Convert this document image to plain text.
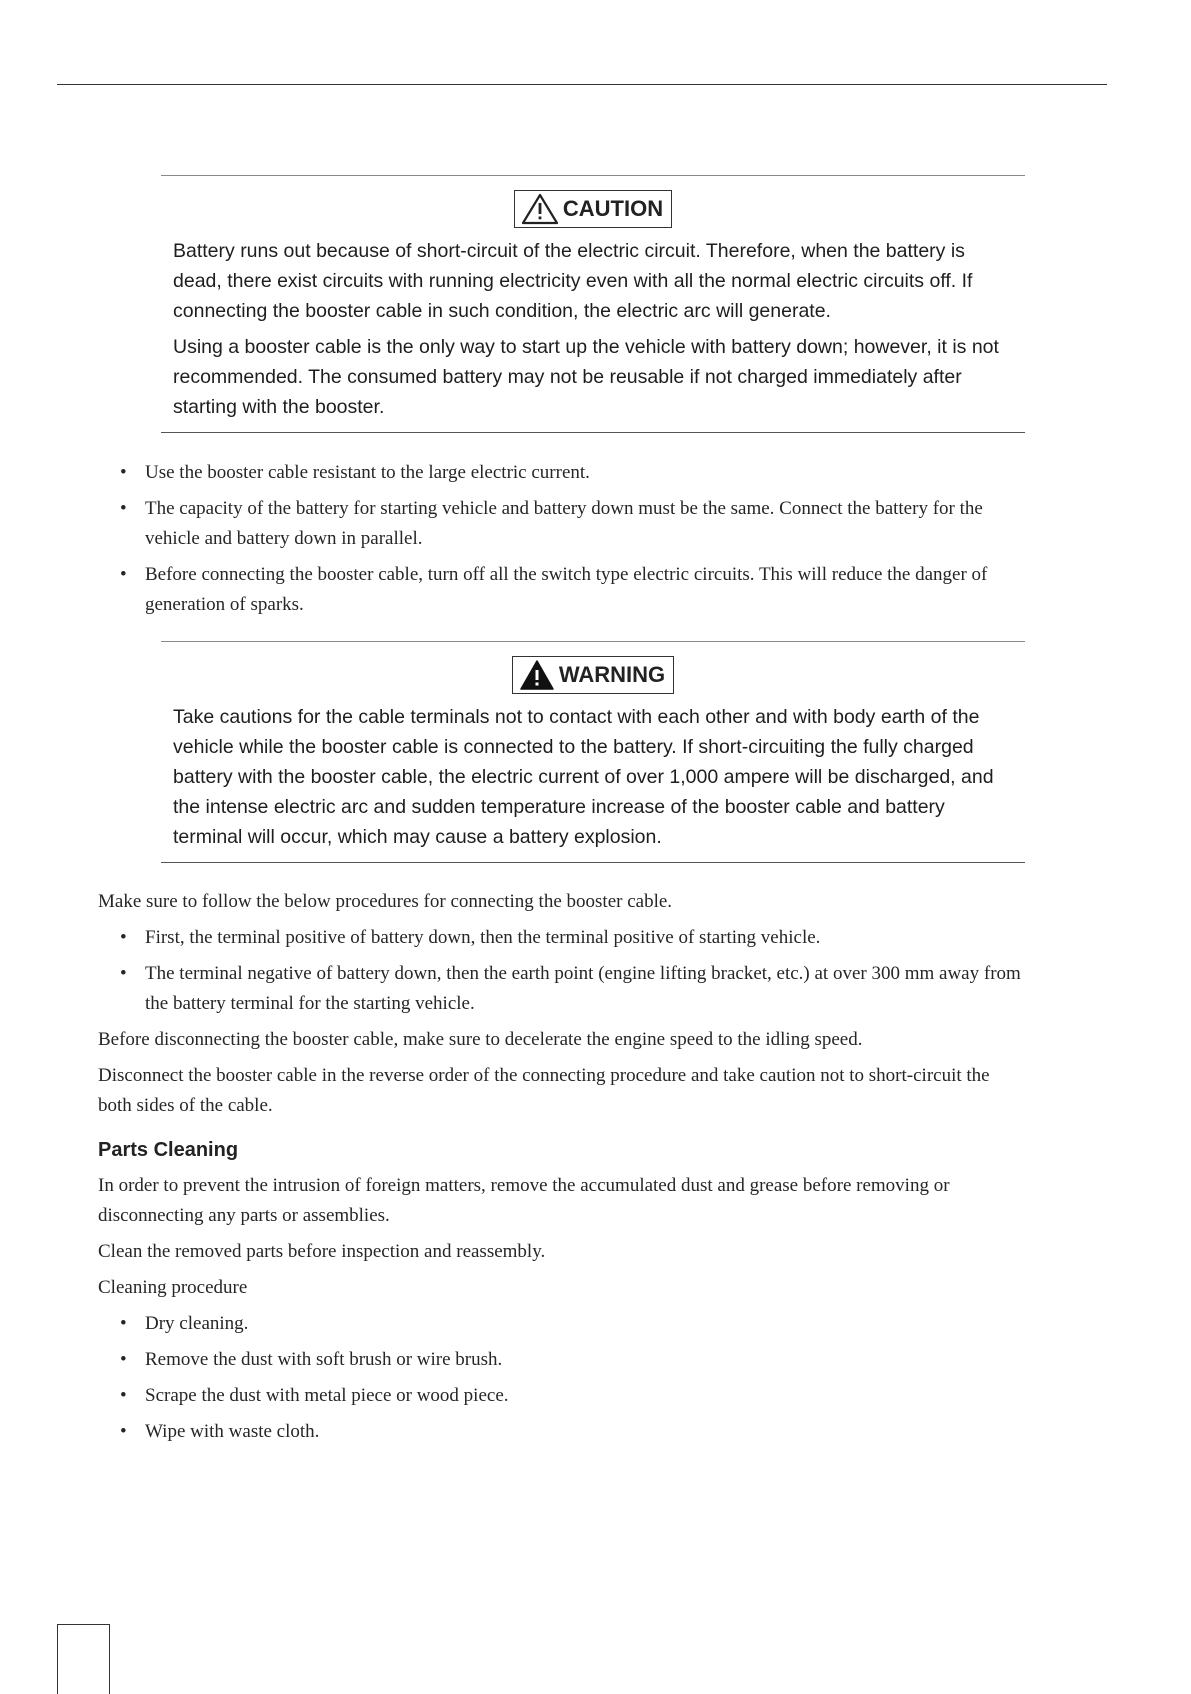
CAUTION

Battery runs out because of short-circuit of the electric circuit. Therefore, when the battery is dead, there exist circuits with running electricity even with all the normal electric circuits off. If connecting the booster cable in such condition, the electric arc will generate.

Using a booster cable is the only way to start up the vehicle with battery down; however, it is not recommended. The consumed battery may not be reusable if not charged immediately after starting with the booster.

• Use the booster cable resistant to the large electric current.
• The capacity of the battery for starting vehicle and battery down must be the same. Connect the battery for the vehicle and battery down in parallel.
• Before connecting the booster cable, turn off all the switch type electric circuits. This will reduce the danger of generation of sparks.
WARNING

Take cautions for the cable terminals not to contact with each other and with body earth of the vehicle while the booster cable is connected to the battery. If short-circuiting the fully charged battery with the booster cable, the electric current of over 1,000 ampere will be discharged, and the intense electric arc and sudden temperature increase of the booster cable and battery terminal will occur, which may cause a battery explosion.

Make sure to follow the below procedures for connecting the booster cable.

• First, the terminal positive of battery down, then the terminal positive of starting vehicle.
• The terminal negative of battery down, then the earth point (engine lifting bracket, etc.) at over 300 mm away from the battery terminal for the starting vehicle.

Before disconnecting the booster cable, make sure to decelerate the engine speed to the idling speed.

Disconnect the booster cable in the reverse order of the connecting procedure and take caution not to short-circuit the both sides of the cable.

Parts Cleaning

In order to prevent the intrusion of foreign matters, remove the accumulated dust and grease before removing or disconnecting any parts or assemblies.

Clean the removed parts before inspection and reassembly.

Cleaning procedure

• Dry cleaning.
• Remove the dust with soft brush or wire brush.
• Scrape the dust with metal piece or wood piece.
• Wipe with waste cloth.
